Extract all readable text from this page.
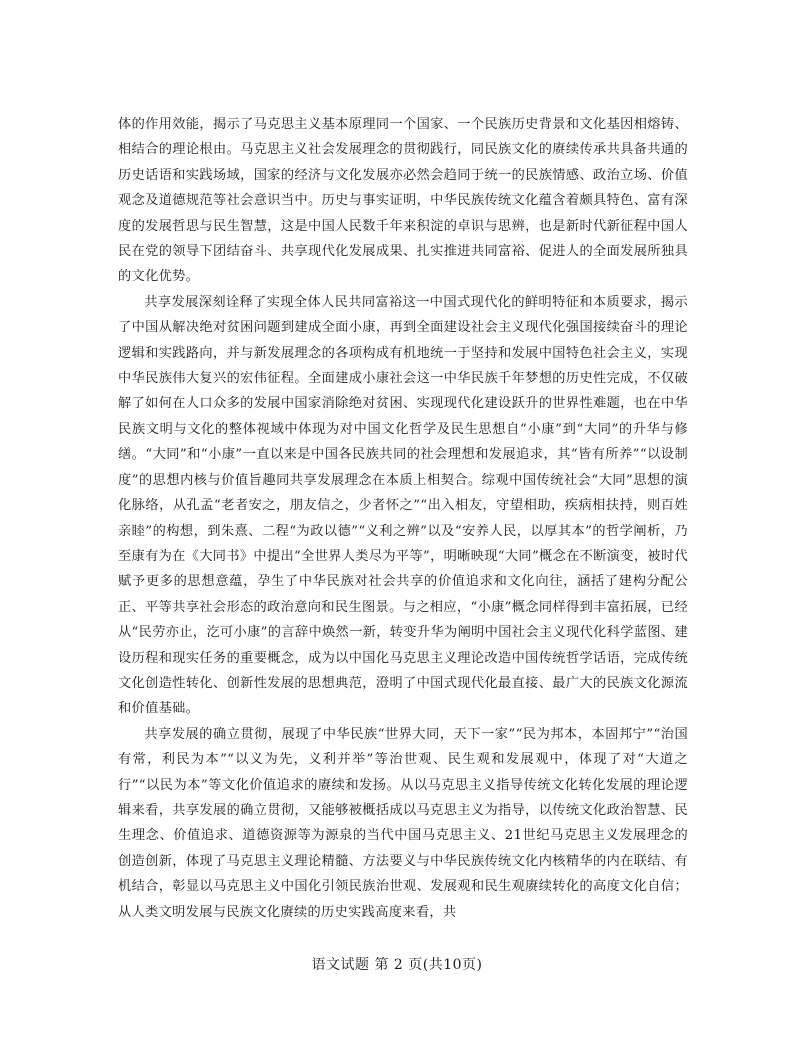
体的作用效能，揭示了马克思主义基本原理同一个国家、一个民族历史背景和文化基因相熔铸、相结合的理论根由。马克思主义社会发展理念的贯彻践行，同民族文化的赓续传承共具备共通的历史话语和实践场域，国家的经济与文化发展亦必然会趋同于统一的民族情感、政治立场、价值观念及道德规范等社会意识当中。历史与事实证明，中华民族传统文化蕴含着颇具特色、富有深度的发展哲思与民生智慧，这是中国人民数千年来积淀的卓识与思辨，也是新时代新征程中国人民在党的领导下团结奋斗、共享现代化发展成果、扎实推进共同富裕、促进人的全面发展所独具的文化优势。

共享发展深刻诠释了实现全体人民共同富裕这一中国式现代化的鲜明特征和本质要求，揭示了中国从解决绝对贫困问题到建成全面小康，再到全面建设社会主义现代化强国接续奋斗的理论逻辑和实践路向，并与新发展理念的各项构成有机地统一于坚持和发展中国特色社会主义，实现中华民族伟大复兴的宏伟征程。全面建成小康社会这一中华民族千年梦想的历史性完成，不仅破解了如何在人口众多的发展中国家消除绝对贫困、实现现代化建设跃升的世界性难题，也在中华民族文明与文化的整体视域中体现为对中国文化哲学及民生思想自“小康”到“大同”的升华与修缮。“大同”和“小康”一直以来是中国各民族共同的社会理想和发展追求，其“皆有所养”“以设制度”的思想内核与价值旨趣同共享发展理念在本质上相契合。综观中国传统社会“大同”思想的演化脉络，从孔孟“老者安之，朋友信之，少者怀之”“出入相友，守望相助，疾病相扶持，则百姓亲睦”的构想，到朱熹、二程“为政以德”“义利之辨”以及“安养人民，以厚其本”的哲学阐析，乃至康有为在《大同书》中提出“全世界人类尽为平等”，明晰映现“大同”概念在不断演变，被时代赋予更多的思想意蕴，孕生了中华民族对社会共享的价值追求和文化向往，涵括了建构分配公正、平等共享社会形态的政治意向和民生图景。与之相应，“小康”概念同样得到丰富拓展，已经从“民劳亦止，汔可小康”的言辞中焕然一新，转变升华为阐明中国社会主义现代化科学蓝图、建设历程和现实任务的重要概念，成为以中国化马克思主义理论改造中国传统哲学话语，完成传统文化创造性转化、创新性发展的思想典范，澄明了中国式现代化最直接、最广大的民族文化源流和价值基础。

共享发展的确立贯彻，展现了中华民族“世界大同，天下一家”“民为邦本，本固邦宁”“治国有常，利民为本”“以义为先，义利并举”等治世观、民生观和发展观中，体现了对“大道之行”“以民为本”等文化价值追求的赓续和发扬。从以马克思主义指导传统文化转化发展的理论逻辑来看，共享发展的确立贯彻，又能够被概括成以马克思主义为指导，以传统文化政治智慧、民生理念、价值追求、道德资源等为源泉的当代中国马克思主义、21世纪马克思主义发展理念的创造创新，体现了马克思主义理论精髓、方法要义与中华民族传统文化内核精华的内在联结、有机结合，彰显以马克思主义中国化引领民族治世观、发展观和民生观赓续转化的高度文化自信；从人类文明发展与民族文化赓续的历史实践高度来看，共

语文试题 第 2 页(共10页)
